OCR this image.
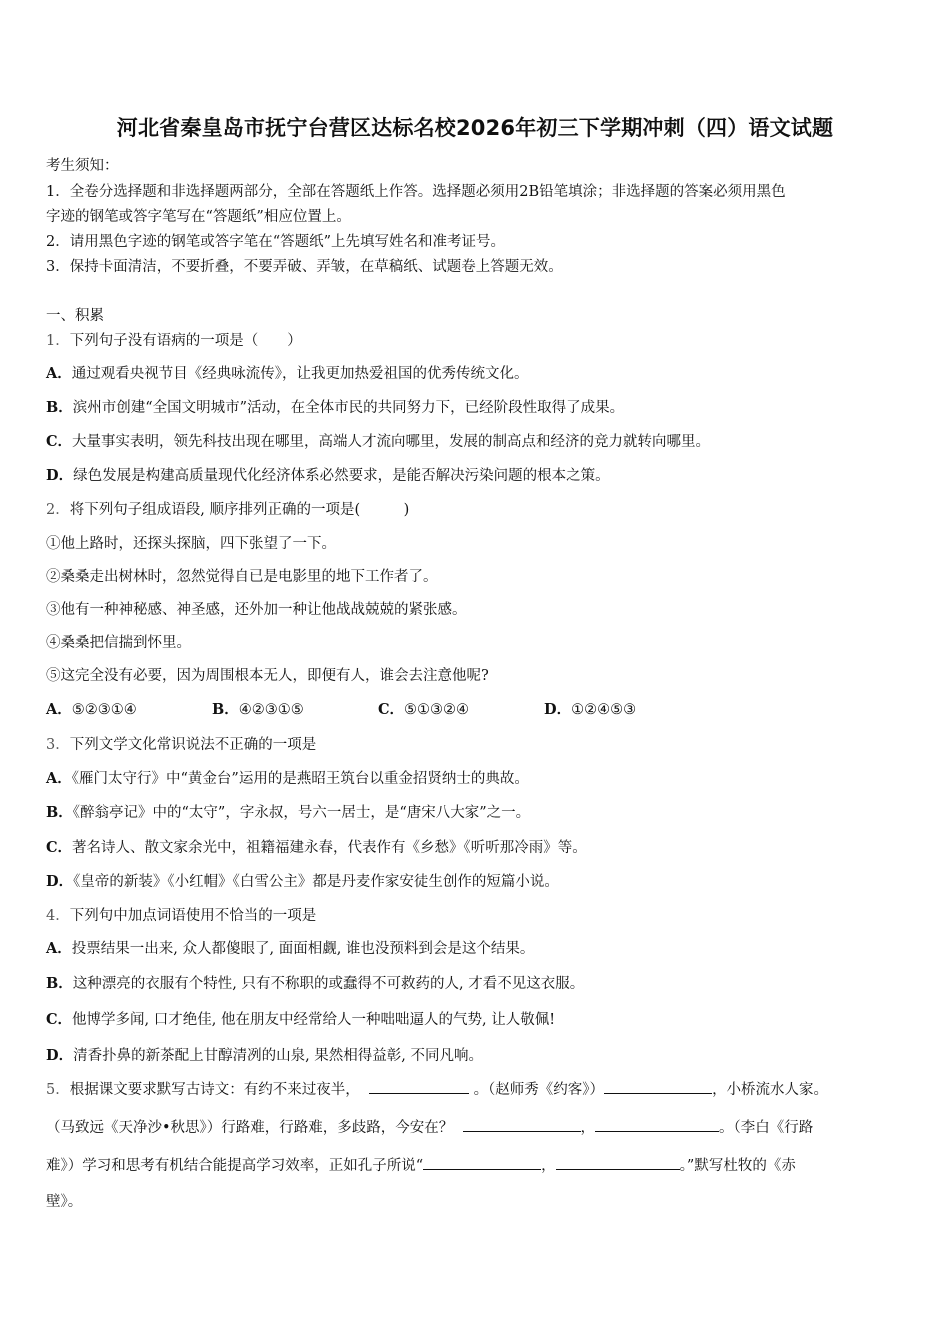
河北省秦皇岛市抚宁台营区达标名校2026年初三下学期冲刺（四）语文试题
考生须知：
1．全卷分选择题和非选择题两部分，全部在答题纸上作答。选择题必须用2B铅笔填涂；非选择题的答案必须用黑色
字迹的钢笔或答字笔写在“答题纸”相应位置上。
2．请用黑色字迹的钢笔或答字笔在“答题纸”上先填写姓名和准考证号。
3．保持卡面清洁，不要折叠，不要弄破、弄皱，在草稿纸、试题卷上答题无效。
一、积累
1．下列句子没有语病的一项是（　　）
A．通过观看央视节目《经典咏流传》，让我更加热爱祖国的优秀传统文化。
B．滨州市创建“全国文明城市”活动，在全体市民的共同努力下，已经阶段性取得了成果。
C．大量事实表明，领先科技出现在哪里，高端人才流向哪里，发展的制高点和经济的竞力就转向哪里。
D．绿色发展是构建高质量现代化经济体系必然要求，是能否解决污染问题的根本之策。
2．将下列句子组成语段, 顺序排列正确的一项是(　　　)
①他上路时，还探头探脑，四下张望了一下。
②桑桑走出树林时，忽然觉得自已是电影里的地下工作者了。
③他有一种神秘感、神圣感，还外加一种让他战战兢兢的紧张感。
④桑桑把信揣到怀里。
⑤这完全没有必要，因为周围根本无人，即便有人，谁会去注意他呢?
A．⑤②③①④	B．④②③①⑤	C．⑤①③②④	D．①②④⑤③
3．下列文学文化常识说法不正确的一项是
A．《雁门太守行》中“黄金台”运用的是燕昭王筑台以重金招贤纳士的典故。
B．《醉翁亭记》中的“太守”，字永叔，号六一居士，是“唐宋八大家”之一。
C．著名诗人、散文家余光中，祖籍福建永春，代表作有《乡愁》《听听那冷雨》等。
D．《皇帝的新装》《小红帽》《白雪公主》都是丹麦作家安徒生创作的短篇小说。
4．下列句中加点词语使用不恰当的一项是
A．投票结果一出来, 众人都傻眼了, 面面相觑, 谁也没预料到会是这个结果。
B．这种漂亮的衣服有个特性, 只有不称职的或蠢得不可救药的人, 才看不见这衣服。
C．他博学多闻, 口才绝佳, 他在朋友中经常给人一种咄咄逼人的气势, 让人敬佩!
D．清香扑鼻的新茶配上甘醇清冽的山泉, 果然相得益彰, 不同凡响。
5．根据课文要求默写古诗文：有约不来过夜半，	。（赵师秀《约客》）	，小桥流水人家。
（马致远《天净沙•秋思》）行路难，行路难，多歧路，今安在？	，	。（李白《行路
难》）学习和思考有机结合能提高学习效率，正如孔子所说“	，	。”默写杜牧的《赤
壁》。
